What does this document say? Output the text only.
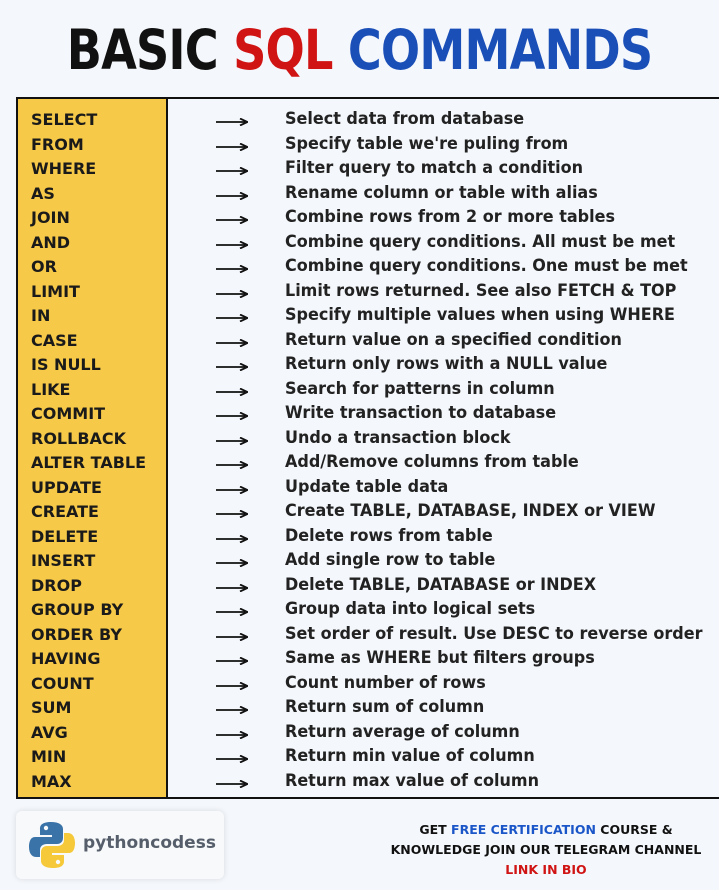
BASIC SQL COMMANDS
SELECT	Select data from database
FROM	Specify table we're puling from
WHERE	Filter query to match a condition
AS	Rename column or table with alias
JOIN	Combine rows from 2 or more tables
AND	Combine query conditions. All must be met
OR	Combine query conditions. One must be met
LIMIT	Limit rows returned. See also FETCH & TOP
IN	Specify multiple values when using WHERE
CASE	Return value on a specified condition
IS NULL	Return only rows with a NULL value
LIKE	Search for patterns in column
COMMIT	Write transaction to database
ROLLBACK	Undo a transaction block
ALTER TABLE	Add/Remove columns from table
UPDATE	Update table data
CREATE	Create TABLE, DATABASE, INDEX or VIEW
DELETE	Delete rows from table
INSERT	Add single row to table
DROP	Delete TABLE, DATABASE or INDEX
GROUP BY	Group data into logical sets
ORDER BY	Set order of result. Use DESC to reverse order
HAVING	Same as WHERE but filters groups
COUNT	Count number of rows
SUM	Return sum of column
AVG	Return average of column
MIN	Return min value of column
MAX	Return max value of column
pythoncodess
GET FREE CERTIFICATION COURSE &
KNOWLEDGE JOIN OUR TELEGRAM CHANNEL
LINK IN BIO
